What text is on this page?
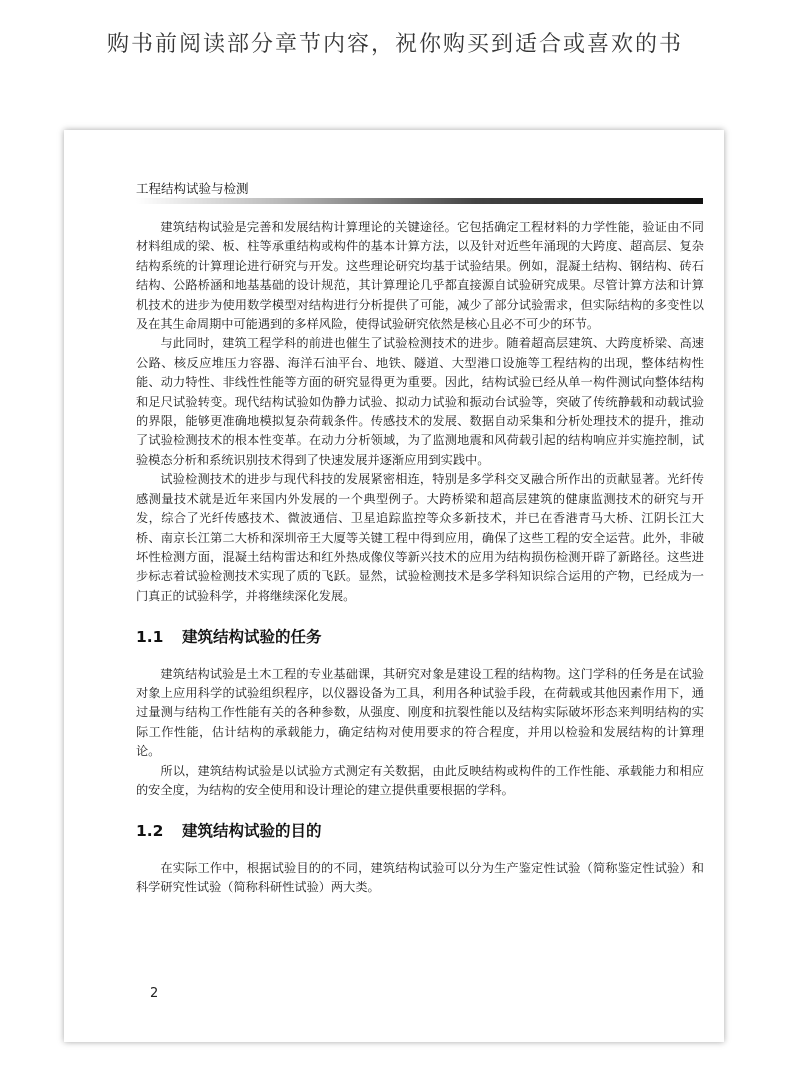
购书前阅读部分章节内容，祝你购买到适合或喜欢的书
工程结构试验与检测

建筑结构试验是完善和发展结构计算理论的关键途径。它包括确定工程材料的力学性能，验证由不同材料组成的梁、板、柱等承重结构或构件的基本计算方法，以及针对近些年涌现的大跨度、超高层、复杂结构系统的计算理论进行研究与开发。这些理论研究均基于试验结果。例如，混凝土结构、钢结构、砖石结构、公路桥涵和地基基础的设计规范，其计算理论几乎都直接源自试验研究成果。尽管计算方法和计算机技术的进步为使用数学模型对结构进行分析提供了可能，减少了部分试验需求，但实际结构的多变性以及在其生命周期中可能遇到的多样风险，使得试验研究依然是核心且必不可少的环节。

与此同时，建筑工程学科的前进也催生了试验检测技术的进步。随着超高层建筑、大跨度桥梁、高速公路、核反应堆压力容器、海洋石油平台、地铁、隧道、大型港口设施等工程结构的出现，整体结构性能、动力特性、非线性性能等方面的研究显得更为重要。因此，结构试验已经从单一构件测试向整体结构和足尺试验转变。现代结构试验如伪静力试验、拟动力试验和振动台试验等，突破了传统静载和动载试验的界限，能够更准确地模拟复杂荷载条件。传感技术的发展、数据自动采集和分析处理技术的提升，推动了试验检测技术的根本性变革。在动力分析领域，为了监测地震和风荷载引起的结构响应并实施控制，试验模态分析和系统识别技术得到了快速发展并逐渐应用到实践中。

试验检测技术的进步与现代科技的发展紧密相连，特别是多学科交叉融合所作出的贡献显著。光纤传感测量技术就是近年来国内外发展的一个典型例子。大跨桥梁和超高层建筑的健康监测技术的研究与开发，综合了光纤传感技术、微波通信、卫星追踪监控等众多新技术，并已在香港青马大桥、江阴长江大桥、南京长江第二大桥和深圳帝王大厦等关键工程中得到应用，确保了这些工程的安全运营。此外，非破坏性检测方面，混凝土结构雷达和红外热成像仪等新兴技术的应用为结构损伤检测开辟了新路径。这些进步标志着试验检测技术实现了质的飞跃。显然，试验检测技术是多学科知识综合运用的产物，已经成为一门真正的试验科学，并将继续深化发展。

1.1 建筑结构试验的任务

建筑结构试验是土木工程的专业基础课，其研究对象是建设工程的结构物。这门学科的任务是在试验对象上应用科学的试验组织程序，以仪器设备为工具，利用各种试验手段，在荷载或其他因素作用下，通过量测与结构工作性能有关的各种参数，从强度、刚度和抗裂性能以及结构实际破坏形态来判明结构的实际工作性能，估计结构的承载能力，确定结构对使用要求的符合程度，并用以检验和发展结构的计算理论。

所以，建筑结构试验是以试验方式测定有关数据，由此反映结构或构件的工作性能、承载能力和相应的安全度，为结构的安全使用和设计理论的建立提供重要根据的学科。

1.2 建筑结构试验的目的

在实际工作中，根据试验目的的不同，建筑结构试验可以分为生产鉴定性试验（简称鉴定性试验）和科学研究性试验（简称科研性试验）两大类。

2
